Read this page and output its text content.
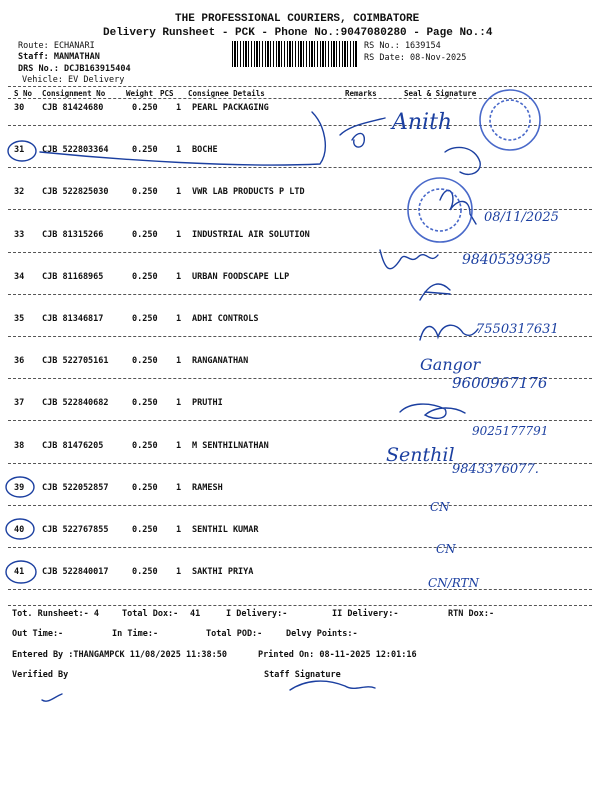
THE PROFESSIONAL COURIERS, COIMBATORE
Delivery Runsheet - PCK - Phone No.:9047080280 - Page No.:4
Route: ECHANARI
Staff: MANMATHAN
DRS No.: DCJB163915404
Vehicle: EV Delivery
RS No.: 1639154
RS Date: 08-Nov-2025
S No Consignment No	Weight PCS Consignee Details	Remarks	Seal & Signature
30 CJB 81424680	0.250 1 PEARL PACKAGING
31 CJB 522803364	0.250 1 BOCHE
32 CJB 522825030	0.250 1 VWR LAB PRODUCTS P LTD
33 CJB 81315266	0.250 1 INDUSTRIAL AIR SOLUTION
34 CJB 81168965	0.250 1 URBAN FOODSCAPE LLP
35 CJB 81346817	0.250 1 ADHI CONTROLS
36 CJB 522705161	0.250 1 RANGANATHAN
37 CJB 522840682	0.250 1 PRUTHI
38 CJB 81476205	0.250 1 M SENTHILNATHAN
39 CJB 522052857	0.250 1 RAMESH
40 CJB 522767855	0.250 1 SENTHIL KUMAR
41 CJB 522840017	0.250 1 SAKTHI PRIYA
Tot. Runsheet:- 4	Total Dox:- 41	I Delivery:-	II Delivery:-	RTN Dox:-
Out Time:-	In Time:-	Total POD:-	Delvy Points:-
Entered By :THANGAMPCK 11/08/2025 11:38:50	Printed On: 08-11-2025 12:01:16
Verified By	Staff Signature
Anith
08/11/2025
9840539395
7550317631
Gangor
9600967176
9025177791
Senthil
9843376077.
CN
CN
CN/RTN
